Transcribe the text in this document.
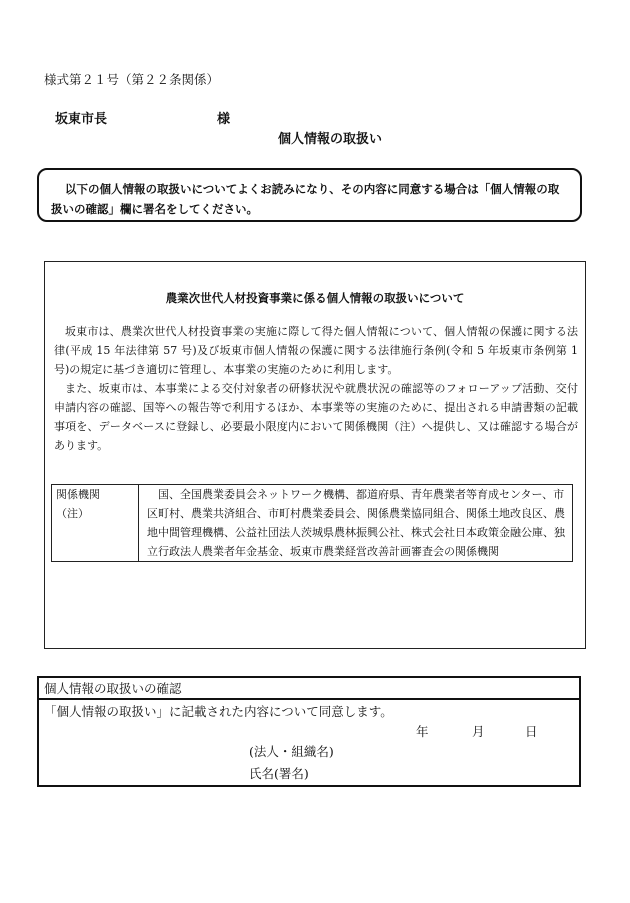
様式第２１号（第２２条関係）
坂東市長	様
個人情報の取扱い
以下の個人情報の取扱いについてよくお読みになり、その内容に同意する場合は「個人情報の取扱いの確認」欄に署名をしてください。
農業次世代人材投資事業に係る個人情報の取扱いについて

坂東市は、農業次世代人材投資事業の実施に際して得た個人情報について、個人情報の保護に関する法律(平成 15 年法律第 57 号)及び坂東市個人情報の保護に関する法律施行条例(令和 5 年坂東市条例第 1 号)の規定に基づき適切に管理し、本事業の実施のために利用します。

また、坂東市は、本事業による交付対象者の研修状況や就農状況の確認等のフォローアップ活動、交付申請内容の確認、国等への報告等で利用するほか、本事業等の実施のために、提出される申請書類の記載事項を、データベースに登録し、必要最小限度内において関係機関（注）へ提供し、又は確認する場合があります。

関係機関
（注）
	国、全国農業委員会ネットワーク機構、都道府県、青年農業者等育成センター、市区町村、農業共済組合、市町村農業委員会、関係農業協同組合、関係土地改良区、農地中間管理機構、公益社団法人茨城県農林振興公社、株式会社日本政策金融公庫、独立行政法人農業者年金基金、坂東市農業経営改善計画審査会の関係機関
個人情報の取扱いの確認
「個人情報の取扱い」に記載された内容について同意します。
年	月	日
(法人・組織名)
氏名(署名)
